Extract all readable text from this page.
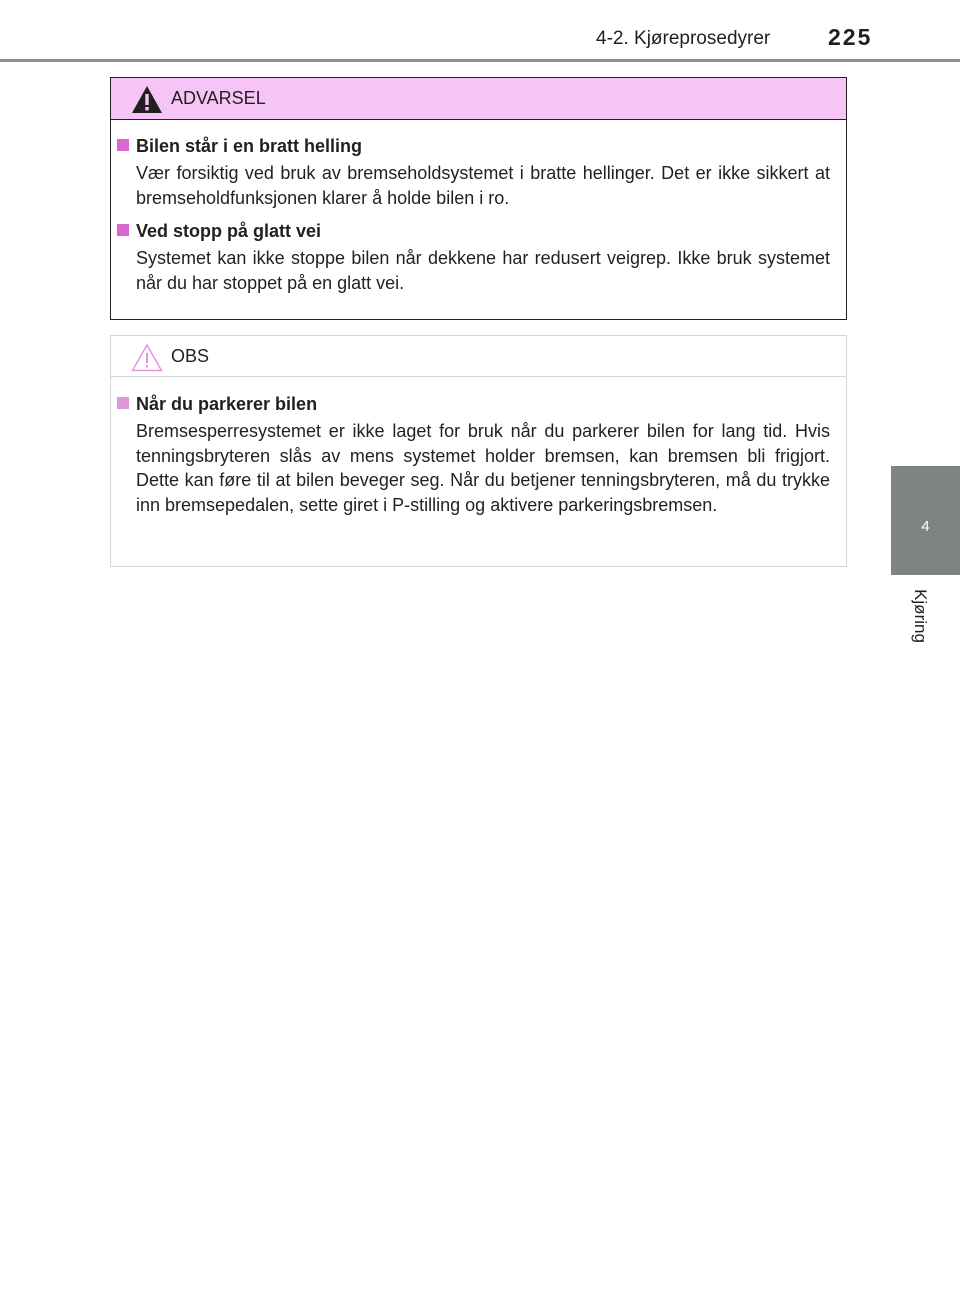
4-2. Kjøreprosedyrer	225
4
Kjøring
ADVARSEL
Bilen står i en bratt helling
Vær forsiktig ved bruk av bremseholdsystemet i bratte hellinger. Det er ikke sikkert at bremseholdfunksjonen klarer å holde bilen i ro.
Ved stopp på glatt vei
Systemet kan ikke stoppe bilen når dekkene har redusert veigrep. Ikke bruk systemet når du har stoppet på en glatt vei.
OBS
Når du parkerer bilen
Bremsesperresystemet er ikke laget for bruk når du parkerer bilen for lang tid. Hvis tenningsbryteren slås av mens systemet holder bremsen, kan bremsen bli frigjort. Dette kan føre til at bilen beveger seg. Når du betjener tenningsbryteren, må du trykke inn bremsepedalen, sette giret i P-stilling og aktivere parkeringsbremsen.
